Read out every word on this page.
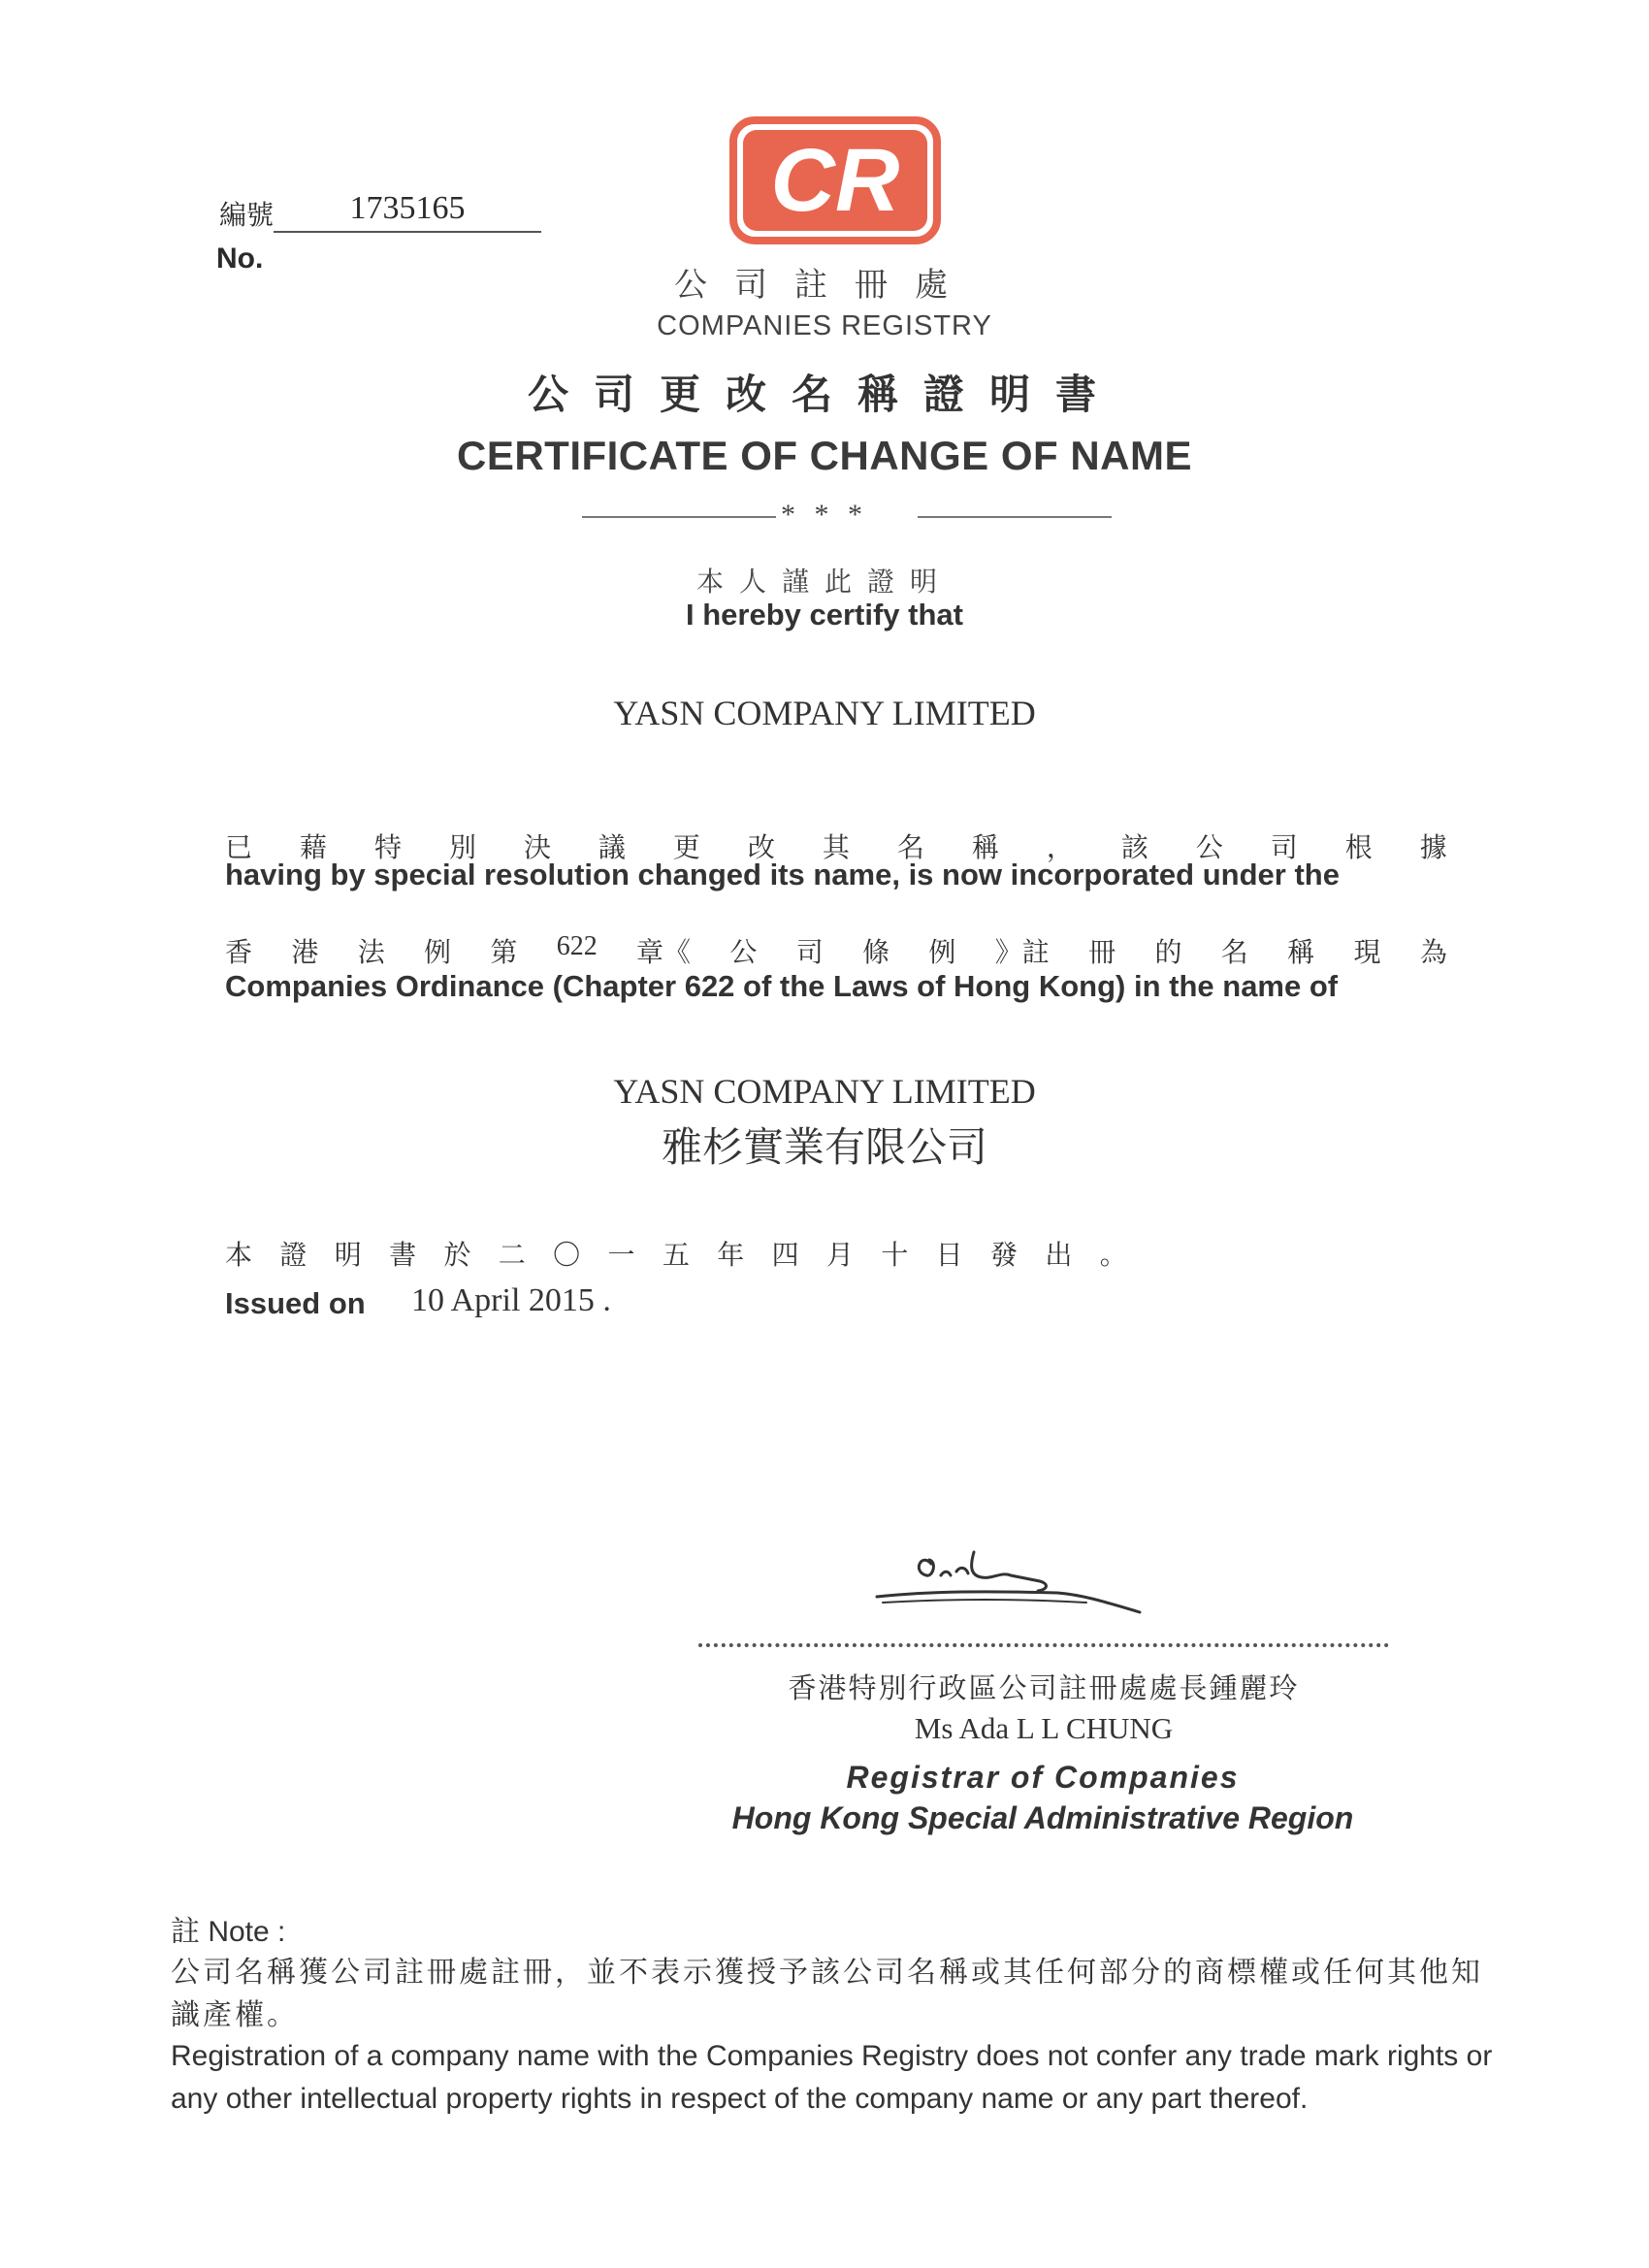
編號	1735165
No.
CR
公司註冊處
COMPANIES REGISTRY
公司更改名稱證明書
CERTIFICATE OF CHANGE OF NAME
* * *
本人謹此證明
I hereby certify that
YASN COMPANY LIMITED
已 藉 特 別 決 議 更 改 其 名 稱 ， 該 公 司 根 據
having by special resolution changed its name, is now incorporated under the
香 港 法 例 第 622 章《 公 司 條 例 》註 冊 的 名 稱 現 為
Companies Ordinance (Chapter 622 of the Laws of Hong Kong) in the name of
YASN COMPANY LIMITED
雅杉實業有限公司
本 證 明 書 於 二 〇 一 五 年 四 月 十 日 發 出 。
Issued on 10 April 2015 .
香港特別行政區公司註冊處處長鍾麗玲
Ms Ada L L CHUNG
Registrar of Companies
Hong Kong Special Administrative Region
註 Note :
公司名稱獲公司註冊處註冊，並不表示獲授予該公司名稱或其任何部分的商標權或任何其他知識產權。
Registration of a company name with the Companies Registry does not confer any trade mark rights or any other intellectual property rights in respect of the company name or any part thereof.
